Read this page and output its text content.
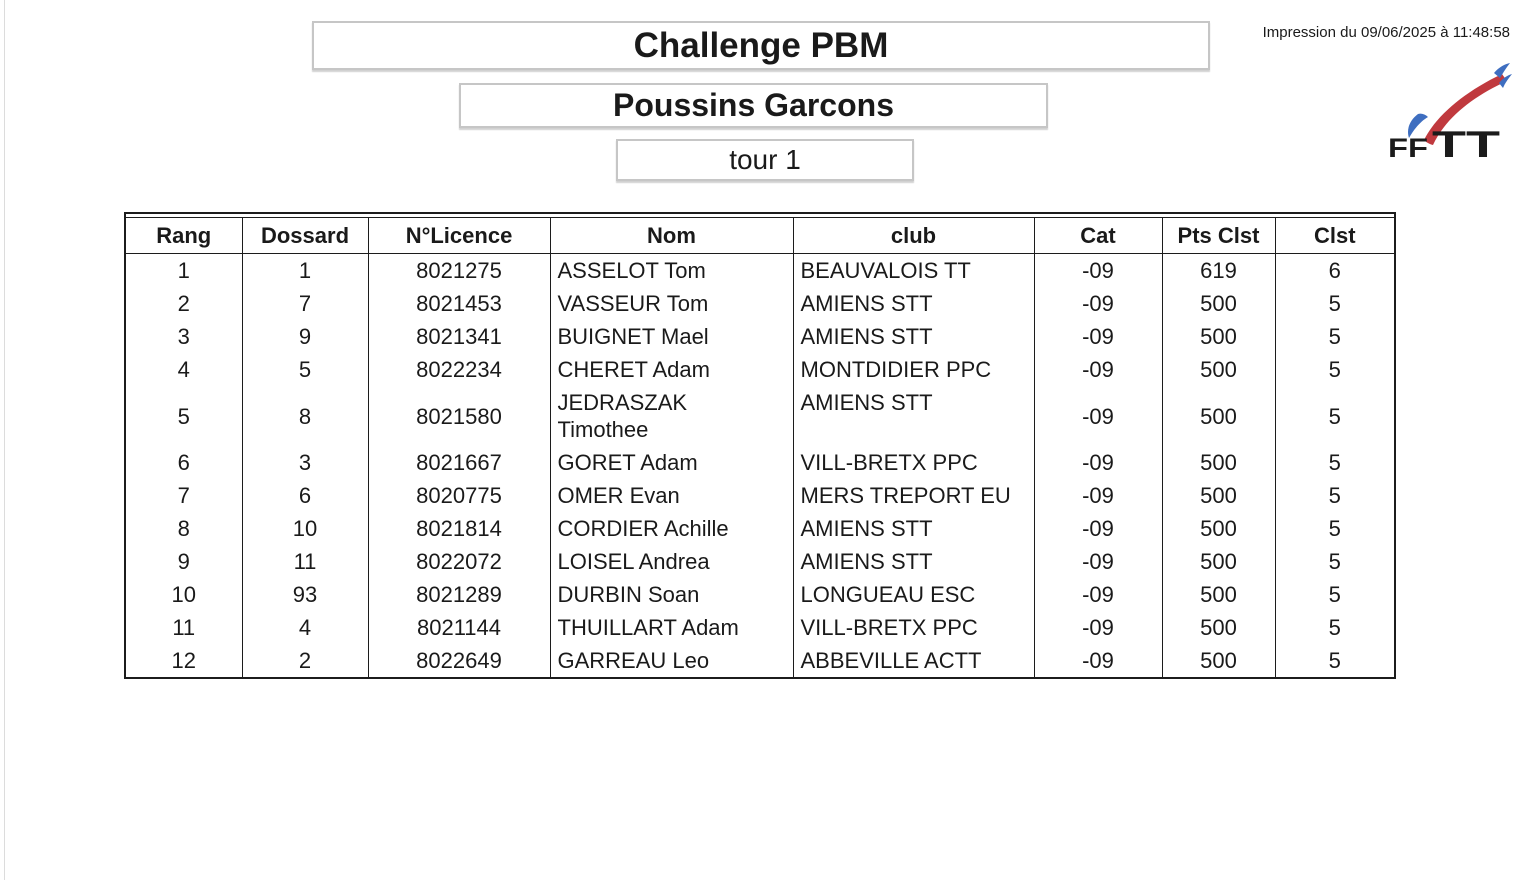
Impression du 09/06/2025 à 11:48:58
Challenge PBM
Poussins Garcons
tour 1	FF TT
Rang	Dossard	N°Licence	Nom	club	Cat	Pts Clst	Clst
1	1	8021275	ASSELOT Tom	BEAUVALOIS TT	-09	619	6
2	7	8021453	VASSEUR Tom	AMIENS STT	-09	500	5
3	9	8021341	BUIGNET Mael	AMIENS STT	-09	500	5
4	5	8022234	CHERET Adam	MONTDIDIER PPC	-09	500	5
5	8	8021580	JEDRASZAK Timothee	AMIENS STT	-09	500	5
6	3	8021667	GORET Adam	VILL-BRETX PPC	-09	500	5
7	6	8020775	OMER Evan	MERS TREPORT EU	-09	500	5
8	10	8021814	CORDIER Achille	AMIENS STT	-09	500	5
9	11	8022072	LOISEL Andrea	AMIENS STT	-09	500	5
10	93	8021289	DURBIN Soan	LONGUEAU ESC	-09	500	5
11	4	8021144	THUILLART Adam	VILL-BRETX PPC	-09	500	5
12	2	8022649	GARREAU Leo	ABBEVILLE ACTT	-09	500	5
